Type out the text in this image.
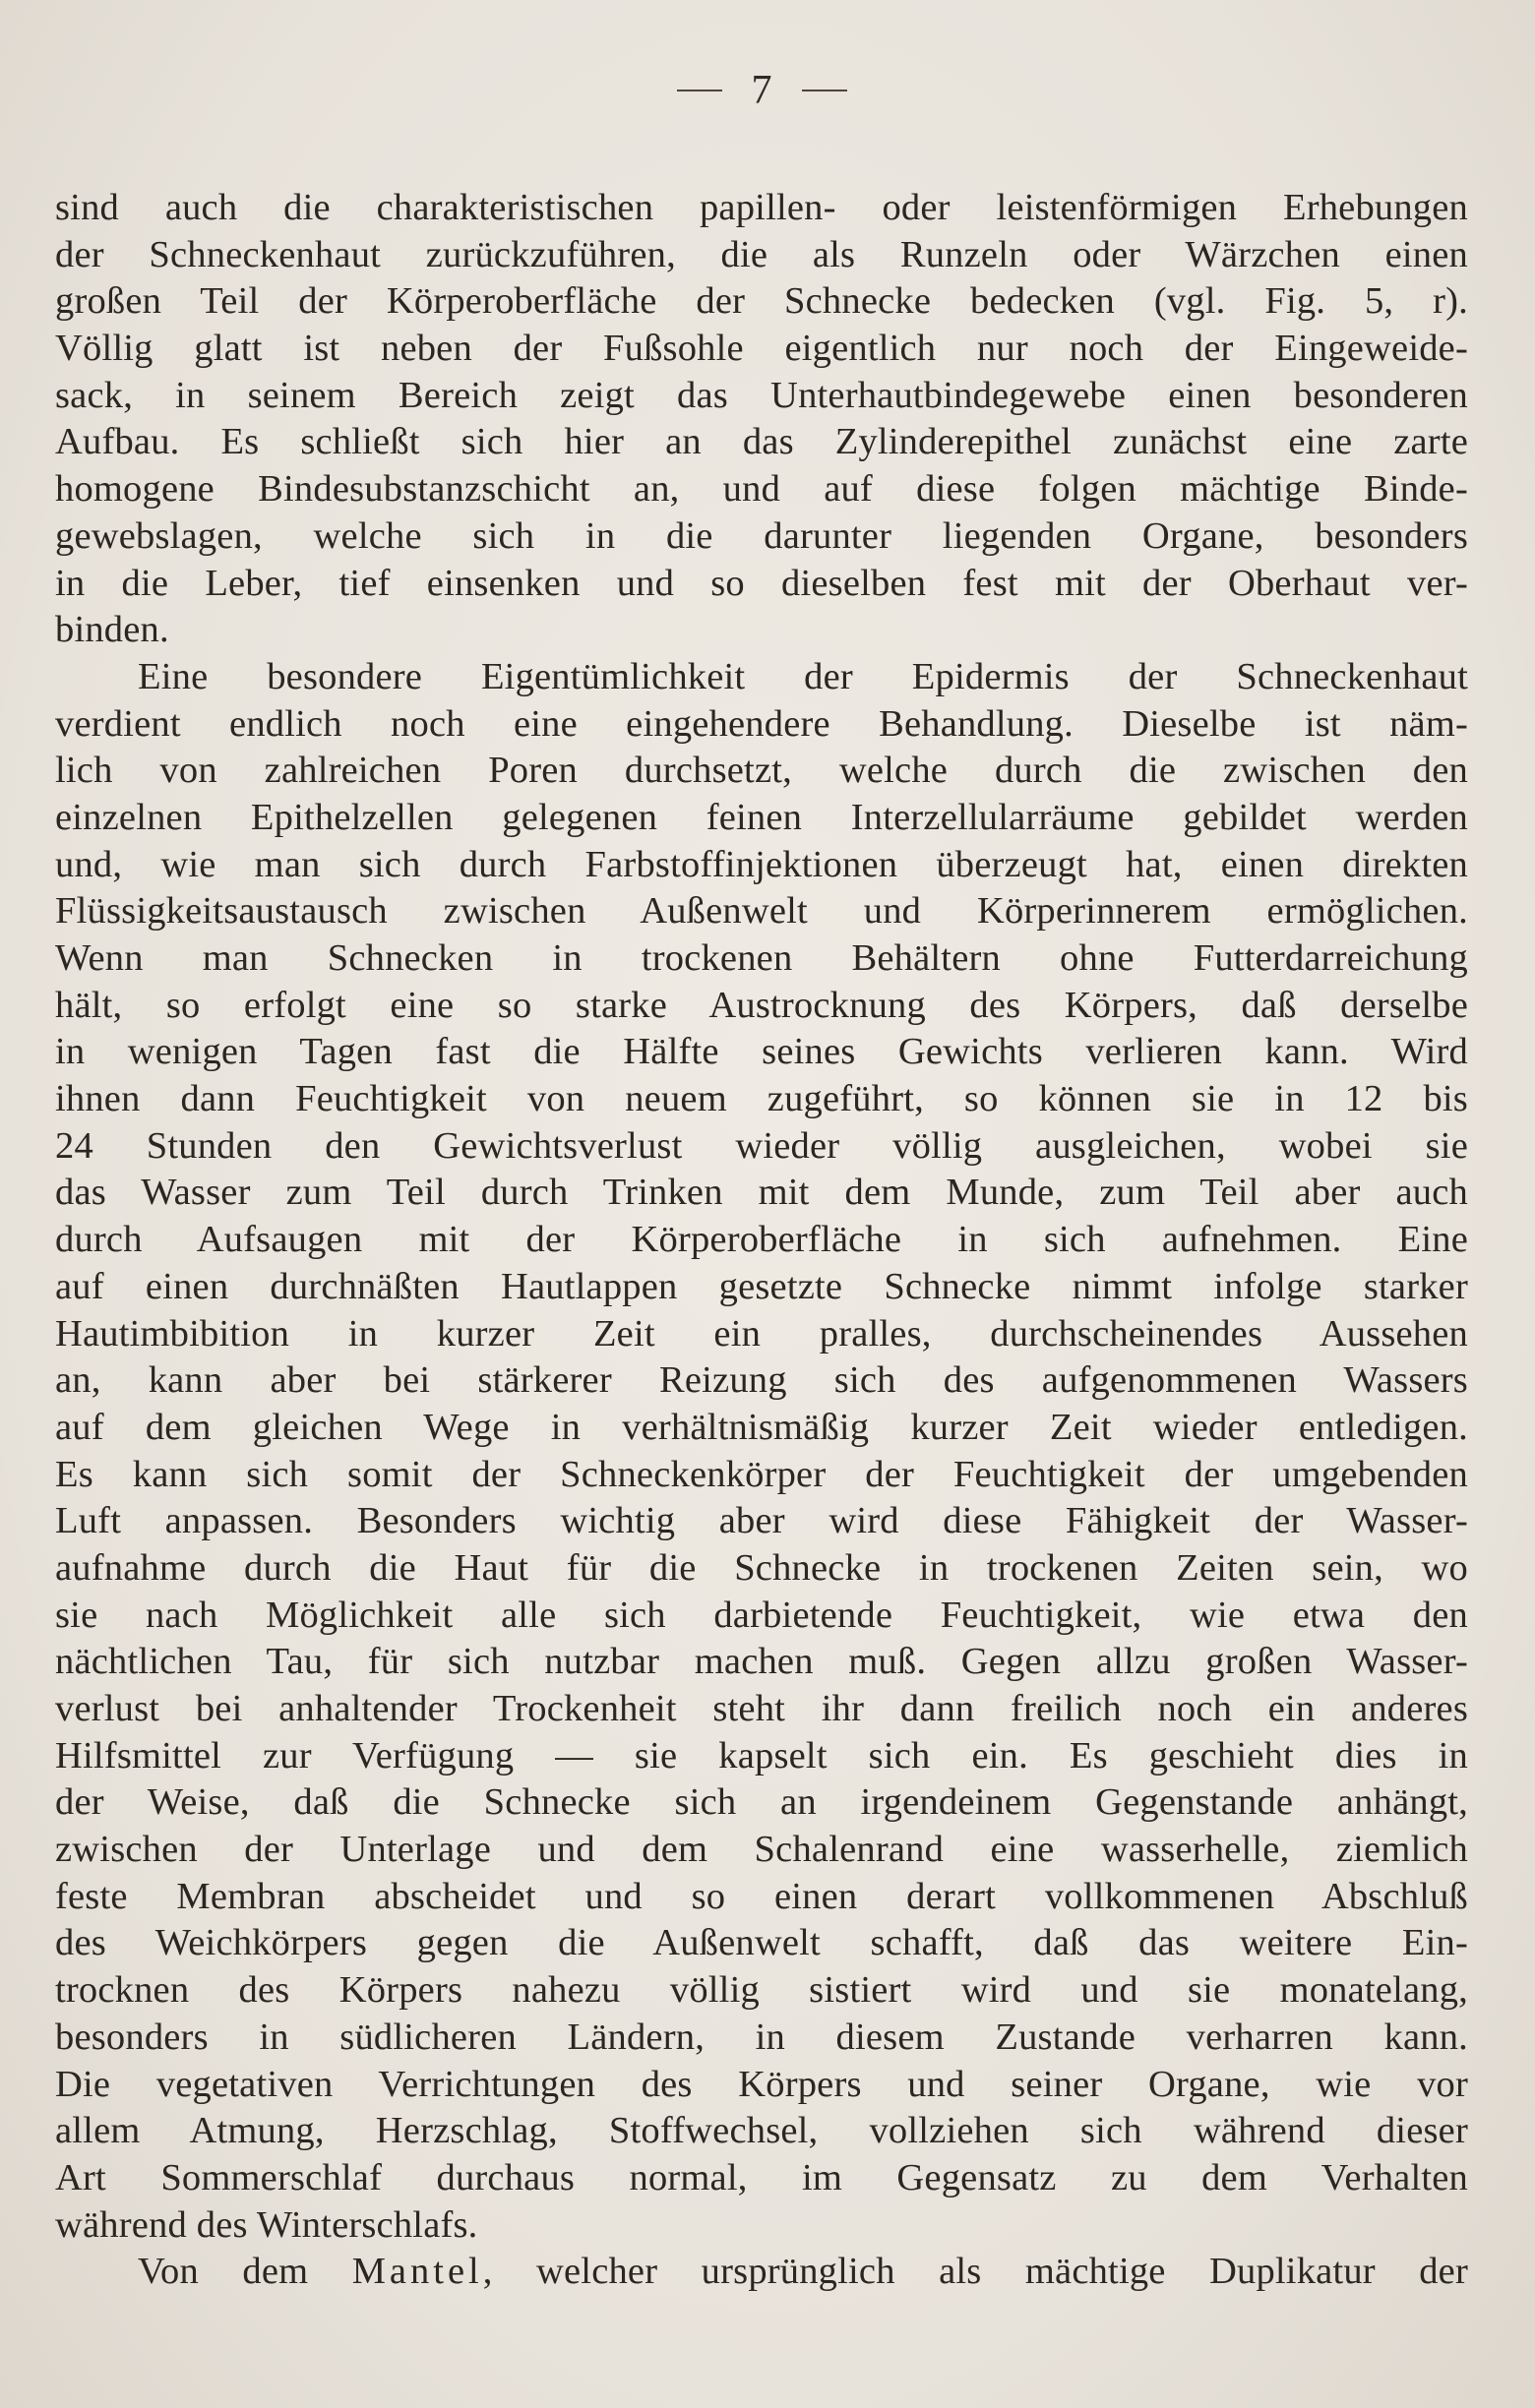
7
sind auch die charakteristischen papillen- oder leistenförmigen Erhebungen
der Schneckenhaut zurückzuführen, die als Runzeln oder Wärzchen einen
großen Teil der Körperoberfläche der Schnecke bedecken (vgl. Fig. 5, r).
Völlig glatt ist neben der Fußsohle eigentlich nur noch der Eingeweide-
sack, in seinem Bereich zeigt das Unterhautbindegewebe einen besonderen
Aufbau. Es schließt sich hier an das Zylinderepithel zunächst eine zarte
homogene Bindesubstanzschicht an, und auf diese folgen mächtige Binde-
gewebslagen, welche sich in die darunter liegenden Organe, besonders
in die Leber, tief einsenken und so dieselben fest mit der Oberhaut ver-
binden.
Eine besondere Eigentümlichkeit der Epidermis der Schneckenhaut
verdient endlich noch eine eingehendere Behandlung. Dieselbe ist näm-
lich von zahlreichen Poren durchsetzt, welche durch die zwischen den
einzelnen Epithelzellen gelegenen feinen Interzellularräume gebildet werden
und, wie man sich durch Farbstoffinjektionen überzeugt hat, einen direkten
Flüssigkeitsaustausch zwischen Außenwelt und Körperinnerem ermöglichen.
Wenn man Schnecken in trockenen Behältern ohne Futterdarreichung
hält, so erfolgt eine so starke Austrocknung des Körpers, daß derselbe
in wenigen Tagen fast die Hälfte seines Gewichts verlieren kann. Wird
ihnen dann Feuchtigkeit von neuem zugeführt, so können sie in 12 bis
24 Stunden den Gewichtsverlust wieder völlig ausgleichen, wobei sie
das Wasser zum Teil durch Trinken mit dem Munde, zum Teil aber auch
durch Aufsaugen mit der Körperoberfläche in sich aufnehmen. Eine
auf einen durchnäßten Hautlappen gesetzte Schnecke nimmt infolge starker
Hautimbibition in kurzer Zeit ein pralles, durchscheinendes Aussehen
an, kann aber bei stärkerer Reizung sich des aufgenommenen Wassers
auf dem gleichen Wege in verhältnismäßig kurzer Zeit wieder entledigen.
Es kann sich somit der Schneckenkörper der Feuchtigkeit der umgebenden
Luft anpassen. Besonders wichtig aber wird diese Fähigkeit der Wasser-
aufnahme durch die Haut für die Schnecke in trockenen Zeiten sein, wo
sie nach Möglichkeit alle sich darbietende Feuchtigkeit, wie etwa den
nächtlichen Tau, für sich nutzbar machen muß. Gegen allzu großen Wasser-
verlust bei anhaltender Trockenheit steht ihr dann freilich noch ein anderes
Hilfsmittel zur Verfügung — sie kapselt sich ein. Es geschieht dies in
der Weise, daß die Schnecke sich an irgendeinem Gegenstande anhängt,
zwischen der Unterlage und dem Schalenrand eine wasserhelle, ziemlich
feste Membran abscheidet und so einen derart vollkommenen Abschluß
des Weichkörpers gegen die Außenwelt schafft, daß das weitere Ein-
trocknen des Körpers nahezu völlig sistiert wird und sie monatelang,
besonders in südlicheren Ländern, in diesem Zustande verharren kann.
Die vegetativen Verrichtungen des Körpers und seiner Organe, wie vor
allem Atmung, Herzschlag, Stoffwechsel, vollziehen sich während dieser
Art Sommerschlaf durchaus normal, im Gegensatz zu dem Verhalten
während des Winterschlafs.
Von dem Mantel, welcher ursprünglich als mächtige Duplikatur der
